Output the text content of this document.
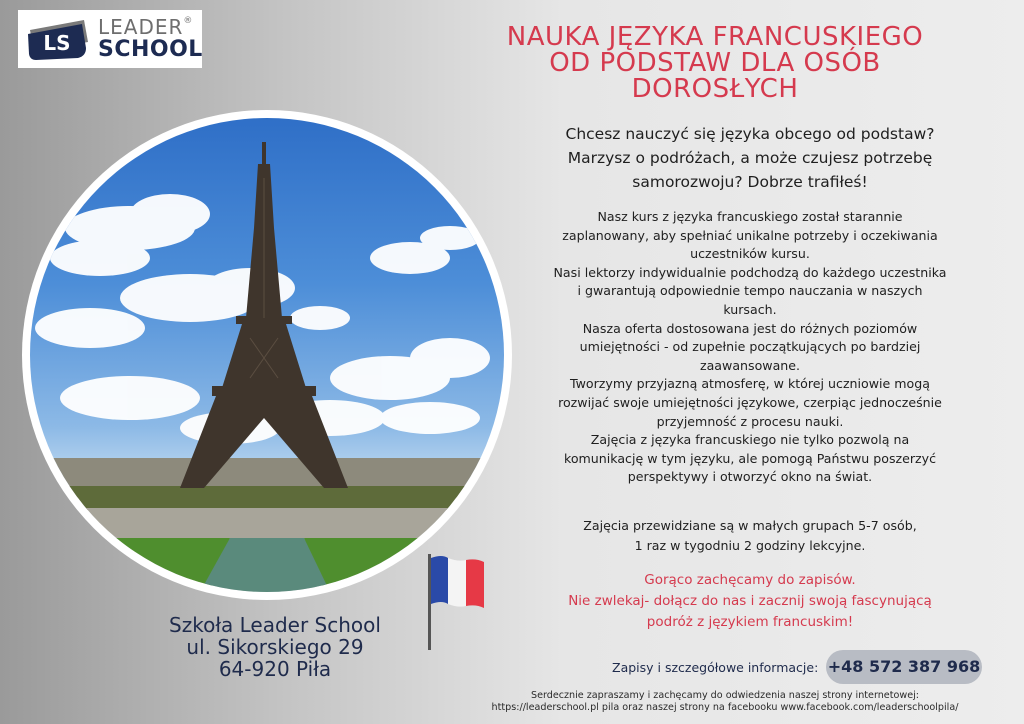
LS
LEADER®
SCHOOL	NAUKA JĘZYKA FRANCUSKIEGO
OD PODSTAW DLA OSÓB
DOROSŁYCH
Chcesz nauczyć się języka obcego od podstaw?
Marzysz o podróżach, a może czujesz potrzebę
samorozwoju? Dobrze trafiłeś!

Nasz kurs z języka francuskiego został starannie
zaplanowany, aby spełniać unikalne potrzeby i oczekiwania
uczestników kursu.

Nasi lektorzy indywidualnie podchodzą do każdego uczestnika
i gwarantują odpowiednie tempo nauczania w naszych
kursach.

Nasza oferta dostosowana jest do różnych poziomów
umiejętności - od zupełnie początkujących po bardziej
zaawansowane.

Tworzymy przyjazną atmosferę, w której uczniowie mogą
rozwijać swoje umiejętności językowe, czerpiąc jednocześnie
przyjemność z procesu nauki.

Zajęcia z języka francuskiego nie tylko pozwolą na
komunikację w tym języku, ale pomogą Państwu poszerzyć
perspektywy i otworzyć okno na świat.

Zajęcia przewidziane są w małych grupach 5-7 osób,
1 raz w tygodniu 2 godziny lekcyjne.
Gorąco zachęcamy do zapisów.
Nie zwlekaj- dołącz do nas i zacznij swoją fascynującą
podróż z językiem francuskim!
Szkoła Leader School
ul. Sikorskiego 29
64-920 Piła	Zapisy i szczegółowe informacje: +48 572 387 968
Serdecznie zapraszamy i zachęcamy do odwiedzenia naszej strony internetowej:
https://leaderschool.pl pila oraz naszej strony na facebooku www.facebook.com/leaderschoolpila/
